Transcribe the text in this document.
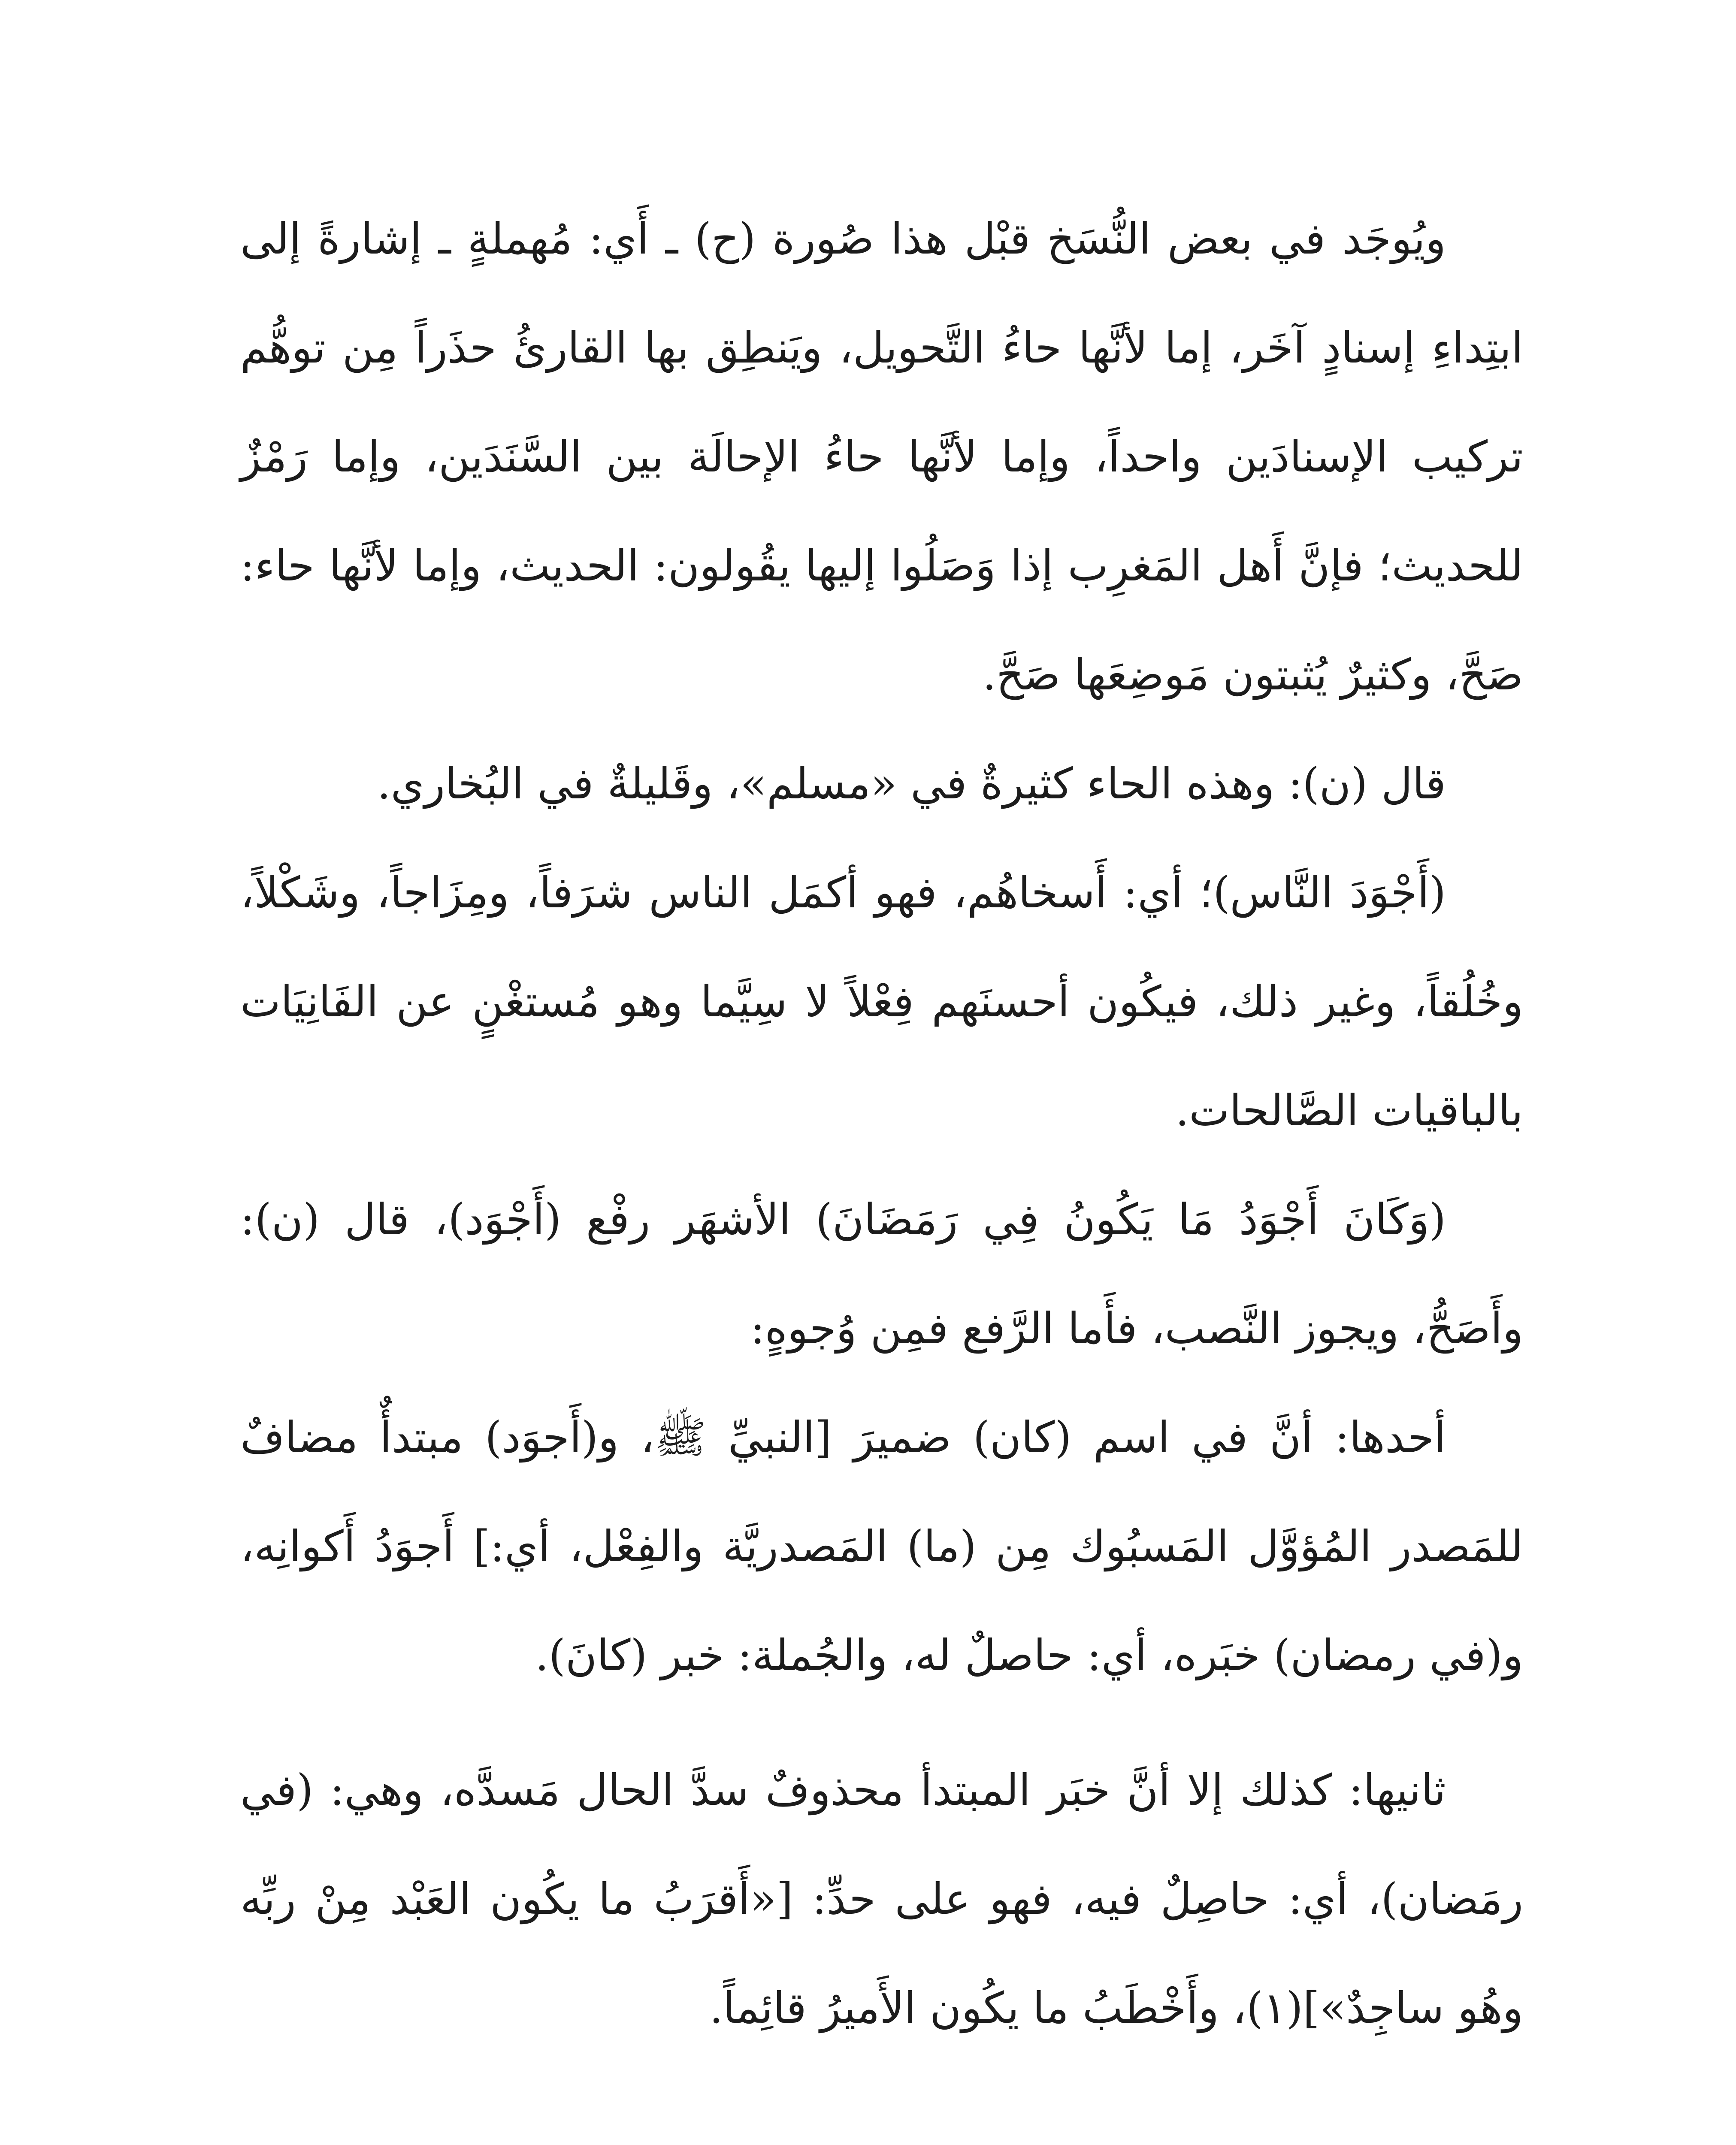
ويُوجَد في بعض النُّسَخ قبْل هذا صُورة (ح) ـ أَي: مُهملةٍ ـ إشارةً إلى ابتِداءِ إسنادٍ آخَر، إما لأنَّها حاءُ التَّحويل، ويَنطِق بها القارئُ حذَراً مِن توهُّم تركيب الإسنادَين واحداً، وإما لأنَّها حاءُ الإحالَة بين السَّنَدَين، وإما رَمْزٌ للحديث؛ فإنَّ أَهل المَغرِب إذا وَصَلُوا إليها يقُولون: الحديث، وإما لأنَّها حاء: صَحَّ، وكثيرٌ يُثبتون مَوضِعَها صَحَّ.

قال (ن): وهذه الحاء كثيرةٌ في «مسلم»، وقَليلةٌ في البُخاري.

(أَجْوَدَ النَّاس)؛ أي: أَسخاهُم، فهو أكمَل الناس شرَفاً، ومِزَاجاً، وشَكْلاً، وخُلُقاً، وغير ذلك، فيكُون أحسنَهم فِعْلاً لا سِيَّما وهو مُستغْنٍ عن الفَانِيَات بالباقيات الصَّالحات.

(وَكَانَ أَجْوَدُ مَا يَكُونُ فِي رَمَضَانَ) الأشهَر رفْع (أَجْوَد)، قال (ن): وأَصَحُّ، ويجوز النَّصب، فأَما الرَّفع فمِن وُجوهٍ:

أحدها: أنَّ في اسم (كان) ضميرَ [النبيِّ ﷺ، و(أَجوَد) مبتدأٌ مضافٌ للمَصدر المُؤوَّل المَسبُوك مِن (ما) المَصدريَّة والفِعْل، أي:] أَجوَدُ أَكوانِه، و(في رمضان) خبَره، أي: حاصلٌ له، والجُملة: خبر (كانَ).

ثانيها: كذلك إلا أنَّ خبَر المبتدأ محذوفٌ سدَّ الحال مَسدَّه، وهي: (في رمَضان)، أي: حاصِلٌ فيه، فهو على حدِّ: [«أَقرَبُ ما يكُون العَبْد مِنْ ربِّه وهُو ساجِدٌ»](١)، وأَخْطَبُ ما يكُون الأَميرُ قائِماً.
